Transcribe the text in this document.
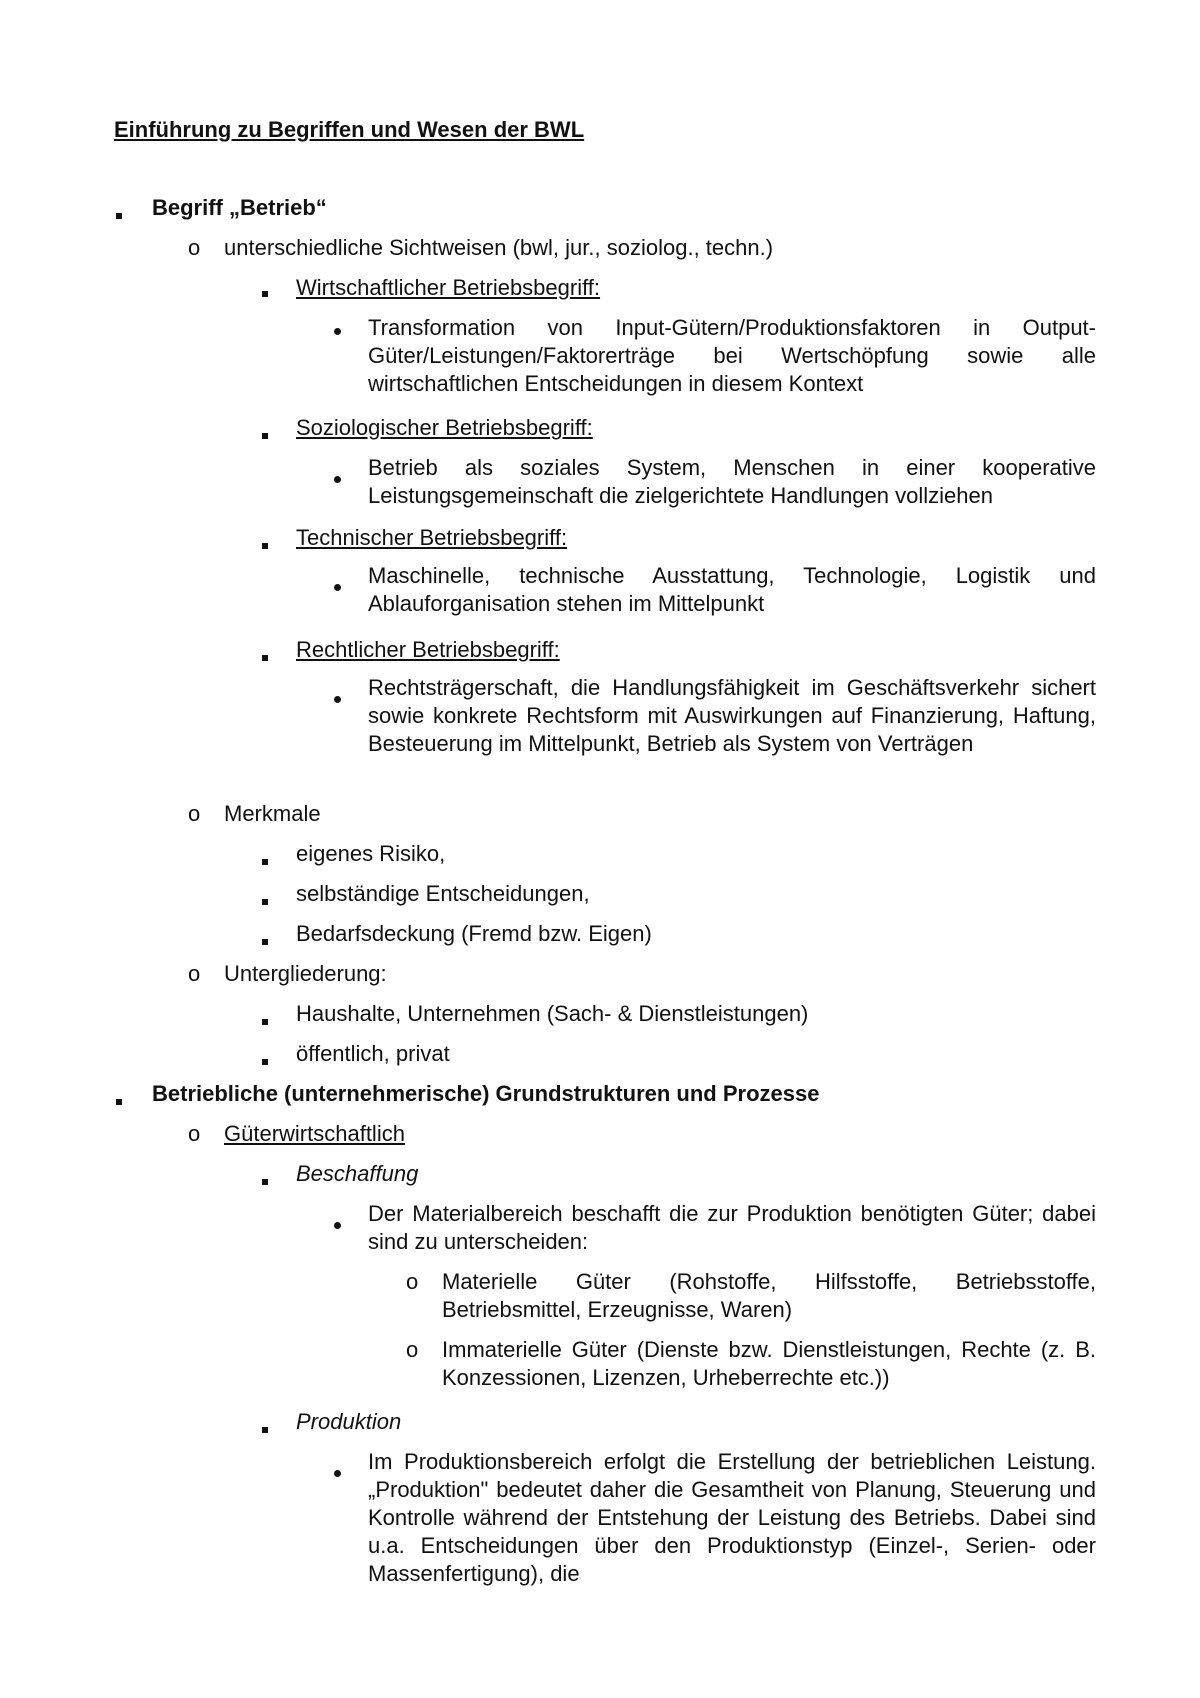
Einführung zu Begriffen und Wesen der BWL

Begriff „Betrieb“
o unterschiedliche Sichtweisen (bwl, jur., soziolog., techn.)
Wirtschaftlicher Betriebsbegriff:
Transformation von Input-Gütern/Produktionsfaktoren in Output-Güter/Leistungen/Faktorerträge bei Wertschöpfung sowie alle wirtschaftlichen Entscheidungen in diesem Kontext
Soziologischer Betriebsbegriff:
Betrieb als soziales System, Menschen in einer kooperative Leistungsgemeinschaft die zielgerichtete Handlungen vollziehen
Technischer Betriebsbegriff:
Maschinelle, technische Ausstattung, Technologie, Logistik und Ablauforganisation stehen im Mittelpunkt
Rechtlicher Betriebsbegriff:
Rechtsträgerschaft, die Handlungsfähigkeit im Geschäftsverkehr sichert sowie konkrete Rechtsform mit Auswirkungen auf Finanzierung, Haftung, Besteuerung im Mittelpunkt, Betrieb als System von Verträgen
o Merkmale
eigenes Risiko,
selbständige Entscheidungen,
Bedarfsdeckung (Fremd bzw. Eigen)
o Untergliederung:
Haushalte, Unternehmen (Sach- & Dienstleistungen)
öffentlich, privat
Betriebliche (unternehmerische) Grundstrukturen und Prozesse
o Güterwirtschaftlich
Beschaffung
Der Materialbereich beschafft die zur Produktion benötigten Güter; dabei sind zu unterscheiden:
o Materielle Güter (Rohstoffe, Hilfsstoffe, Betriebsstoffe, Betriebsmittel, Erzeugnisse, Waren)
o Immaterielle Güter (Dienste bzw. Dienstleistungen, Rechte (z. B. Konzessionen, Lizenzen, Urheberrechte etc.))
Produktion
Im Produktionsbereich erfolgt die Erstellung der betrieblichen Leistung. „Produktion" bedeutet daher die Gesamtheit von Planung, Steuerung und Kontrolle während der Entstehung der Leistung des Betriebs. Dabei sind u.a. Entscheidungen über den Produktionstyp (Einzel-, Serien- oder Massenfertigung), die
